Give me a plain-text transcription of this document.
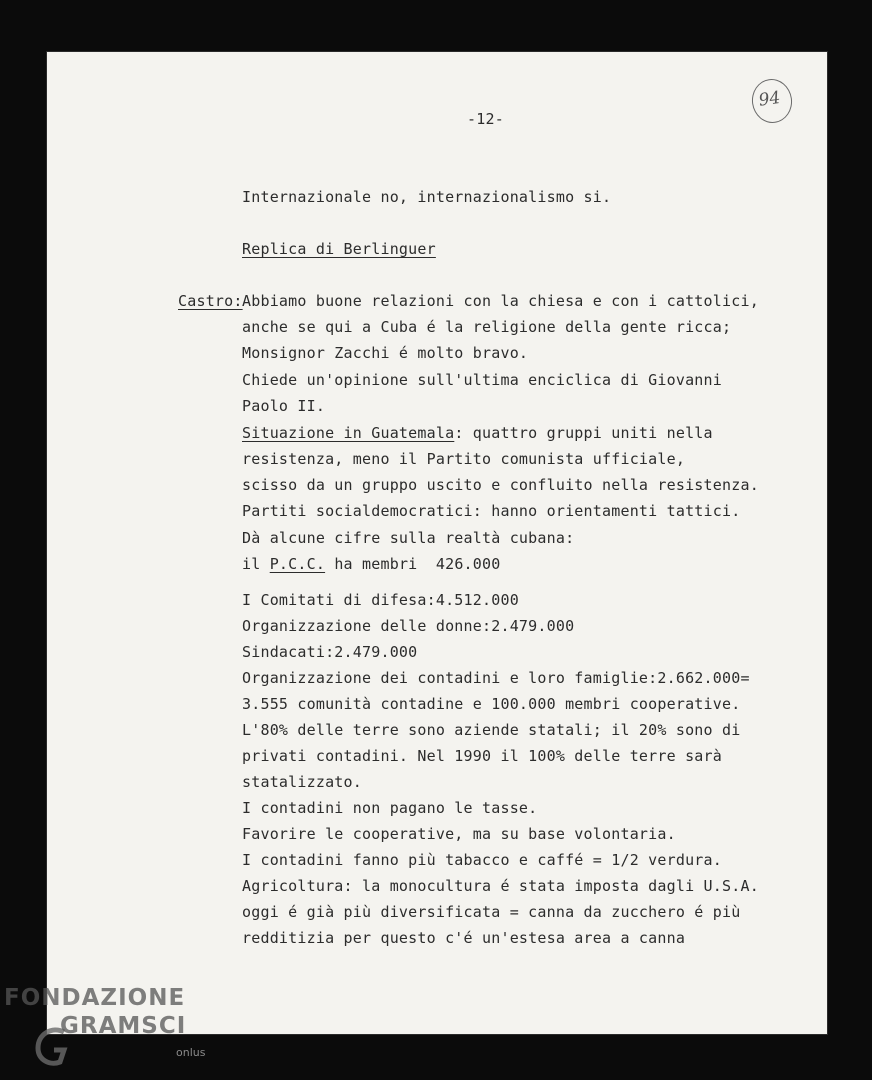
94
-12-
Internazionale no, internazionalismo si.
Replica di Berlinguer
Castro: Abbiamo buone relazioni con la chiesa e con i cattolici,
anche se qui a Cuba é la religione della gente ricca;
Monsignor Zacchi é molto bravo.
Chiede un'opinione sull'ultima enciclica di Giovanni
Paolo II.
Situazione in Guatemala: quattro gruppi uniti nella
resistenza, meno il Partito comunista ufficiale,
scisso da un gruppo uscito e confluito nella resistenza.
Partiti socialdemocratici: hanno orientamenti tattici.
Dà alcune cifre sulla realtà cubana:
il P.C.C. ha membri  426.000
I Comitati di difesa:4.512.000
Organizzazione delle donne:2.479.000
Sindacati:2.479.000
Organizzazione dei contadini e loro famiglie:2.662.000=
3.555 comunità contadine e 100.000 membri cooperative.
L'80% delle terre sono aziende statali; il 20% sono di
privati contadini. Nel 1990 il 100% delle terre sarà
statalizzato.
I contadini non pagano le tasse.
Favorire le cooperative, ma su base volontaria.
I contadini fanno più tabacco e caffé = 1/2 verdura.
Agricoltura: la monocultura é stata imposta dagli U.S.A.
oggi é già più diversificata = canna da zucchero é più
redditizia per questo c'é un'estesa area a canna
FONDAZIONE
GRAMSCI
onlus
